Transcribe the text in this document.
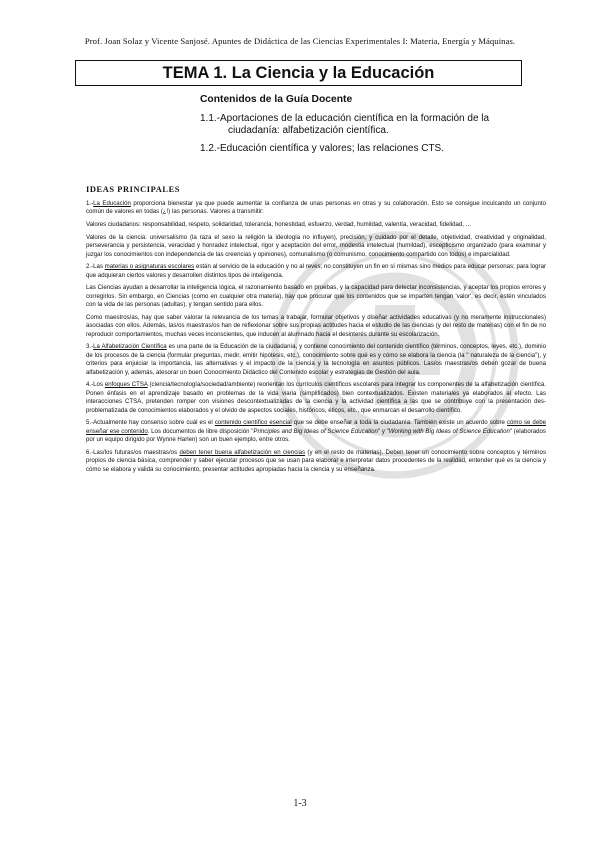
Prof. Joan Solaz y Vicente Sanjosé. Apuntes de Didáctica de las Ciencias Experimentales I: Materia, Energía y Máquinas.
TEMA 1. La Ciencia y la Educación
Contenidos de la Guía Docente
1.1.-Aportaciones de la educación científica en la formación de la ciudadanía: alfabetización científica.
1.2.-Educación científica y valores; las relaciones CTS.
IDEAS PRINCIPALES

1.-La Educación proporciona bienestar ya que puede aumentar la confianza de unas personas en otras y su colaboración. Esto se consigue inculcando un conjunto común de valores en todas (¿!) las personas. Valores a transmitir:

Valores ciudadanos: responsabilidad, respeto, solidaridad, tolerancia, honestidad, esfuerzo, verdad, humildad, valentía, veracidad, fidelidad, …

Valores de la ciencia: universalismo (la raza el sexo la religión la ideología no influyen), precisión, y cuidado por el detalle, objetividad, creatividad y originalidad, perseverancia y persistencia, veracidad y honradez intelectual, rigor y aceptación del error, modestia intelectual (humildad), escepticismo organizado (para examinar y juzgar los conocimientos con independencia de las creencias y opiniones), comunalismo (o comunismo, conocimiento compartido con todos) e imparcialidad.

2.-Las materias o asignaturas escolares están al servicio de la educación y no al revés; no constituyen un fin en sí mismas sino medios para educar personas; para lograr que adquieran ciertos valores y desarrollen distintos tipos de inteligencia.

Las Ciencias ayudan a desarrollar la inteligencia lógica, el razonamiento basado en pruebas, y la capacidad para detectar inconsistencias, y aceptar los propios errores y corregirlos. Sin embargo, en Ciencias (como en cualquier otra materia), hay que procurar que los contenidos que se imparten tengan 'valor', es decir, estén vinculados con la vida de las personas (adultas), y tengan sentido para ellos.

Como maestros/as, hay que saber valorar la relevancia de los temas a trabajar, formular objetivos y diseñar actividades educativas (y no meramente instruccionales) asociadas con ellos. Además, las/os maestras/os han de reflexionar sobre sus propias actitudes hacia el estudio de las ciencias (y del resto de materias) con el fin de no reproducir comportamientos, muchas veces inconscientes, que inducen al alumnado hacia el desinterés durante su escolarización.

3.-La Alfabetización Científica es una parte de la Educación de la ciudadanía, y contiene conocimiento del contenido científico (términos, conceptos, leyes, etc.), dominio de los procesos de la ciencia (formular preguntas, medir, emitir hipótesis, etc.), conocimiento sobre qué es y cómo se elabora la ciencia (la " naturaleza de la ciencia"), y criterios para enjuiciar la importancia, las alternativas y el impacto de la ciencia y la tecnología en asuntos públicos. Las/os maestras/os deben gozar de buena alfabetización y, además, atesorar un buen Conocimiento Didáctico del Contenido escolar y estrategias de Gestión del aula.

4.-Los enfoques CTSA (ciencia/tecnología/sociedad/ambiente) reorientan los currículos científicos escolares para integrar los componentes de la alfabetización científica. Ponen énfasis en el aprendizaje basado en problemas de la vida viaria (simplificados) bien contextualizados. Existen materiales ya elaborados al efecto. Las interacciones CTSA, pretenden romper con visiones descontextualizadas de la ciencia y la actividad científica a las que se contribuye con la presentación des-problematizada de conocimientos elaborados y el olvido de aspectos sociales, históricos, éticos, etc., que enmarcan el desarrollo científico.

5.-Actualmente hay consenso sobre cuál es el contenido científico esencial que se debe enseñar a toda la ciudadanía. También existe un acuerdo sobre cómo se debe enseñar ese contenido. Los documentos de libre disposición "Principles and Big Ideas of Science Education" y "Working with Big Ideas of Science Education" (elaborados por un equipo dirigido por Wynne Harlen) son un buen ejemplo, entre otros.

6.-Las/los futuras/os maestras/os deben tener buena alfabetización en ciencias (y en el resto de materias). Deben tener un conocimiento sobre conceptos y términos propios de ciencia básica, comprender y saber ejecutar procesos que se usan para elaborar e interpretar datos procedentes de la realidad, entender qué es la ciencia y cómo se elabora y valida su conocimiento, presentar actitudes apropiadas hacia la ciencia y su enseñanza.

1-3
